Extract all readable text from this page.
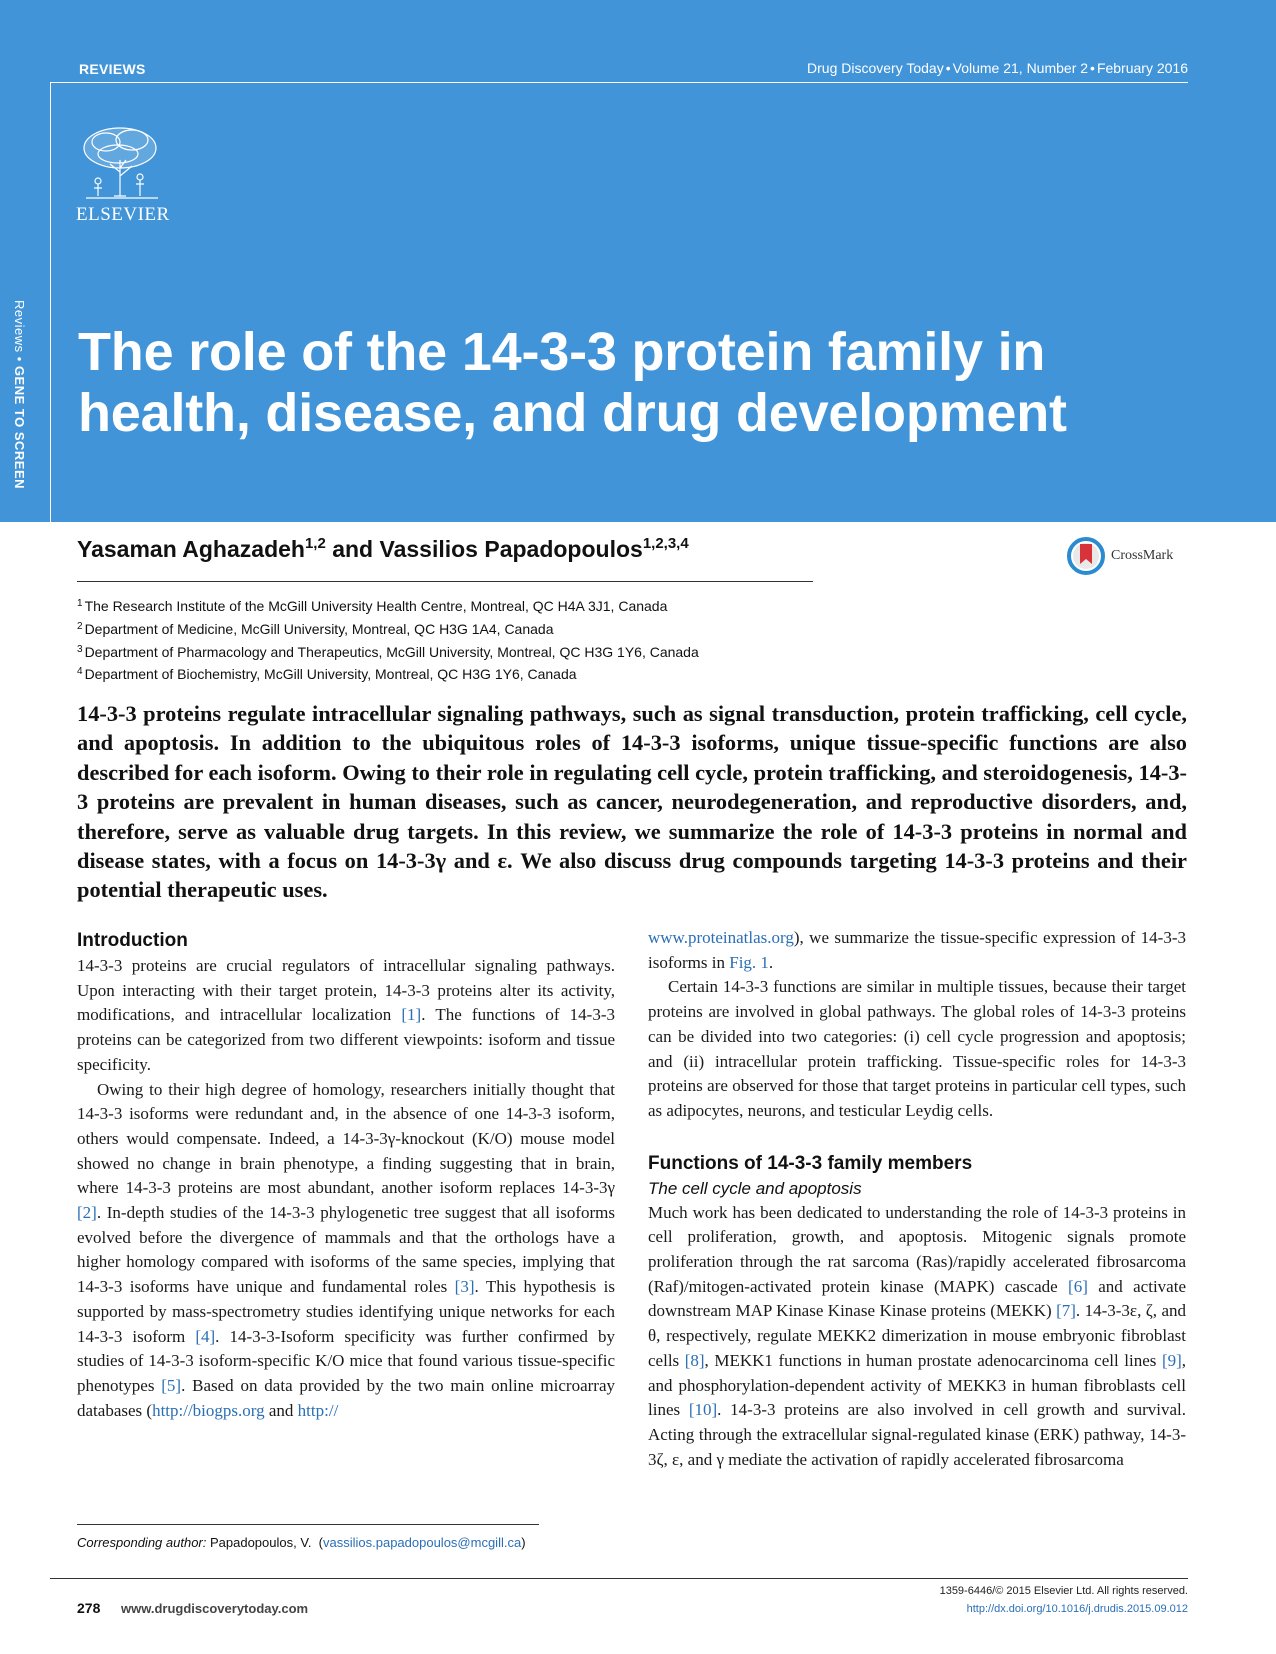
REVIEWS	Drug Discovery Today • Volume 21, Number 2 • February 2016
Reviews • GENE TO SCREEN
ELSEVIER
The role of the 14-3-3 protein family in health, disease, and drug development
Yasaman Aghazadeh$^{1,2}$ and Vassilios Papadopoulos$^{1,2,3,4}$
CrossMark
$^1$ The Research Institute of the McGill University Health Centre, Montreal, QC H4A 3J1, Canada
$^2$ Department of Medicine, McGill University, Montreal, QC H3G 1A4, Canada
$^3$ Department of Pharmacology and Therapeutics, McGill University, Montreal, QC H3G 1Y6, Canada
$^4$ Department of Biochemistry, McGill University, Montreal, QC H3G 1Y6, Canada

14-3-3 proteins regulate intracellular signaling pathways, such as signal transduction, protein trafficking, cell cycle, and apoptosis. In addition to the ubiquitous roles of 14-3-3 isoforms, unique tissue-specific functions are also described for each isoform. Owing to their role in regulating cell cycle, protein trafficking, and steroidogenesis, 14-3-3 proteins are prevalent in human diseases, such as cancer, neurodegeneration, and reproductive disorders, and, therefore, serve as valuable drug targets. In this review, we summarize the role of 14-3-3 proteins in normal and disease states, with a focus on 14-3-3γ and ε. We also discuss drug compounds targeting 14-3-3 proteins and their potential therapeutic uses.

Introduction

14-3-3 proteins are crucial regulators of intracellular signaling pathways. Upon interacting with their target protein, 14-3-3 proteins alter its activity, modifications, and intracellular localization [1]. The functions of 14-3-3 proteins can be categorized from two different viewpoints: isoform and tissue specificity.

Owing to their high degree of homology, researchers initially thought that 14-3-3 isoforms were redundant and, in the absence of one 14-3-3 isoform, others would compensate. Indeed, a 14-3-3γ-knockout (K/O) mouse model showed no change in brain phenotype, a finding suggesting that in brain, where 14-3-3 proteins are most abundant, another isoform replaces 14-3-3γ [2]. In-depth studies of the 14-3-3 phylogenetic tree suggest that all isoforms evolved before the divergence of mammals and that the orthologs have a higher homology compared with isoforms of the same species, implying that 14-3-3 isoforms have unique and fundamental roles [3]. This hypothesis is supported by mass-spectrometry studies identifying unique networks for each 14-3-3 isoform [4]. 14-3-3-Isoform specificity was further confirmed by studies of 14-3-3 isoform-specific K/O mice that found various tissue-specific phenotypes [5]. Based on data provided by the two main online microarray databases (http://biogps.org and http://

www.proteinatlas.org), we summarize the tissue-specific expression of 14-3-3 isoforms in Fig. 1.

Certain 14-3-3 functions are similar in multiple tissues, because their target proteins are involved in global pathways. The global roles of 14-3-3 proteins can be divided into two categories: (i) cell cycle progression and apoptosis; and (ii) intracellular protein trafficking. Tissue-specific roles for 14-3-3 proteins are observed for those that target proteins in particular cell types, such as adipocytes, neurons, and testicular Leydig cells.

Functions of 14-3-3 family members
The cell cycle and apoptosis

Much work has been dedicated to understanding the role of 14-3-3 proteins in cell proliferation, growth, and apoptosis. Mitogenic signals promote proliferation through the rat sarcoma (Ras)/rapidly accelerated fibrosarcoma (Raf)/mitogen-activated protein kinase (MAPK) cascade [6] and activate downstream MAP Kinase Kinase Kinase proteins (MEKK) [7]. 14-3-3ε, ζ, and θ, respectively, regulate MEKK2 dimerization in mouse embryonic fibroblast cells [8], MEKK1 functions in human prostate adenocarcinoma cell lines [9], and phosphorylation-dependent activity of MEKK3 in human fibroblasts cell lines [10]. 14-3-3 proteins are also involved in cell growth and survival. Acting through the extracellular signal-regulated kinase (ERK) pathway, 14-3-3ζ, ε, and γ mediate the activation of rapidly accelerated fibrosarcoma

Corresponding author: Papadopoulos, V.  (vassilios.papadopoulos@mcgill.ca)
278 www.drugdiscoverytoday.com
1359-6446/© 2015 Elsevier Ltd. All rights reserved.
http://dx.doi.org/10.1016/j.drudis.2015.09.012
